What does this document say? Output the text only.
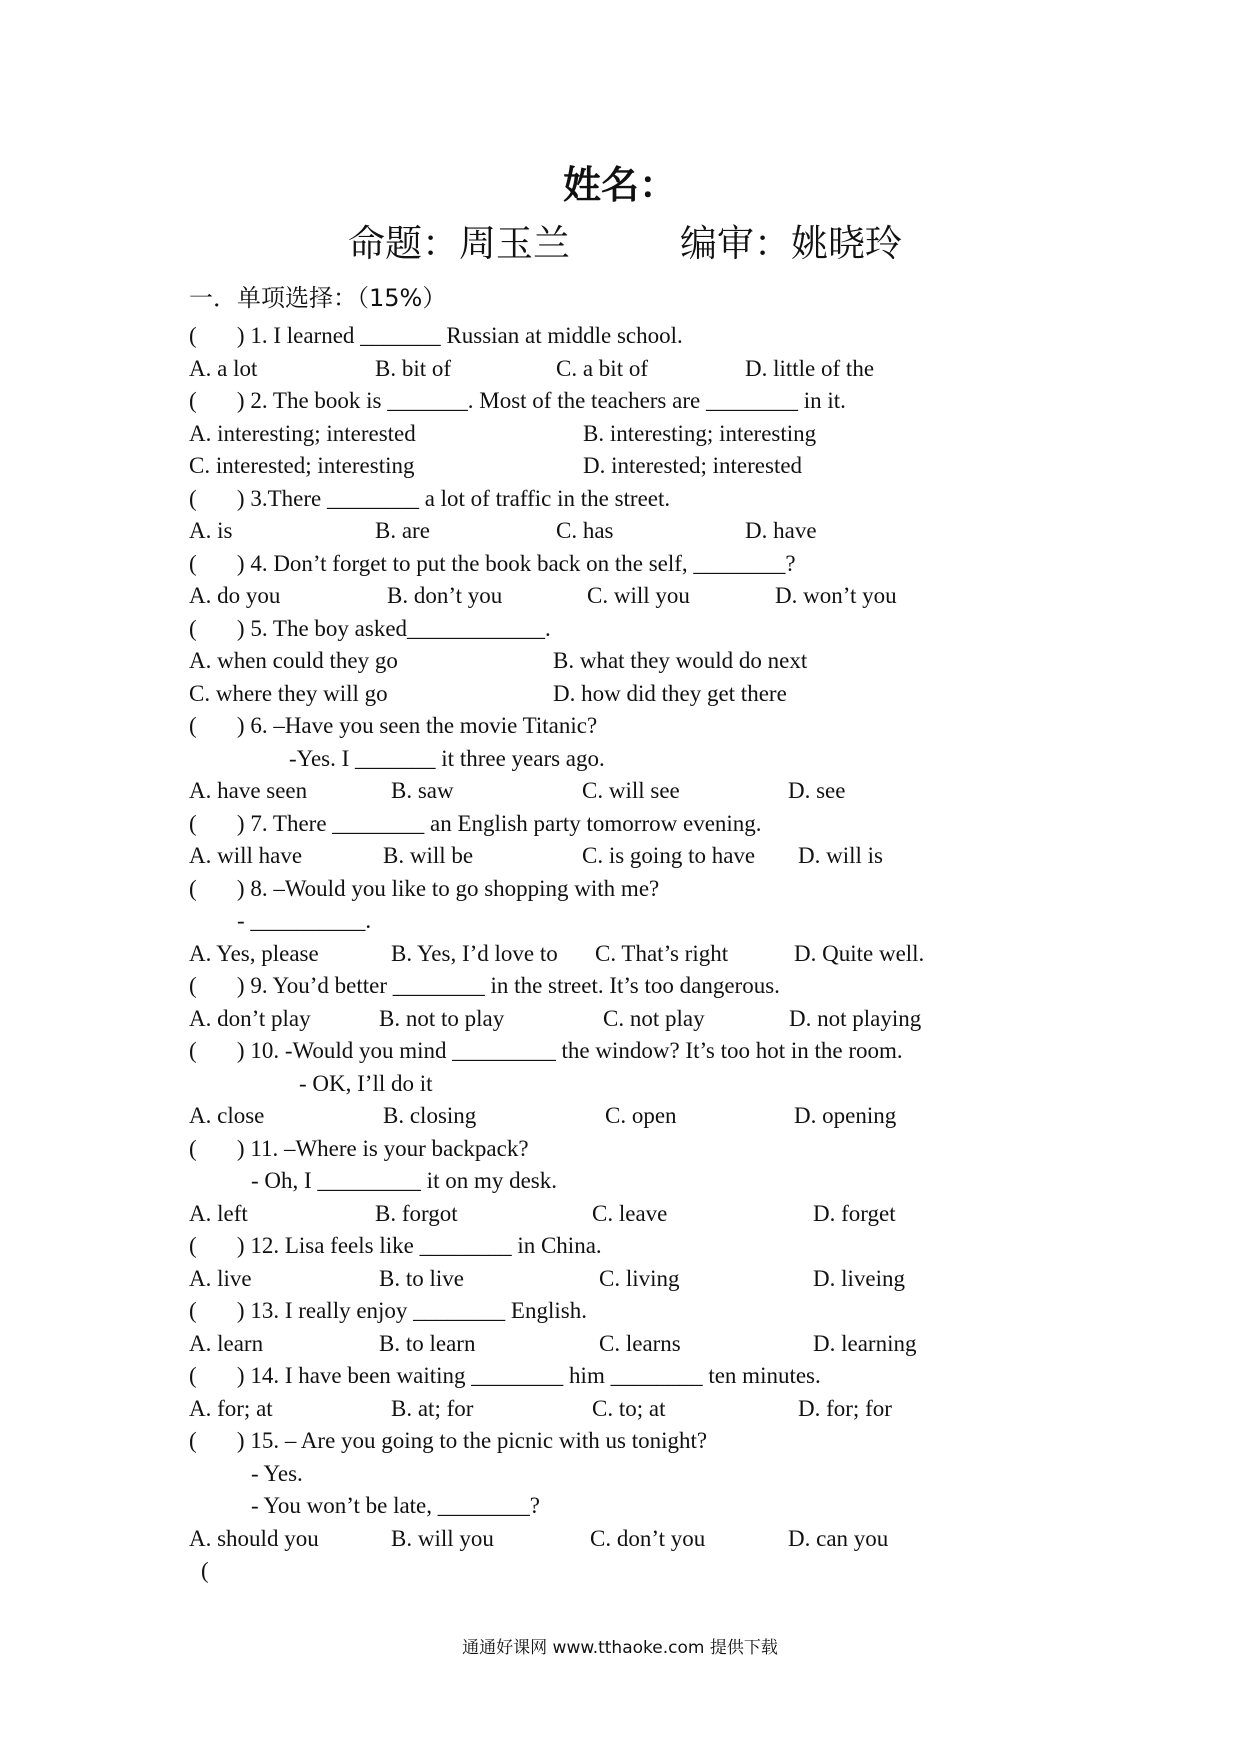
姓名：
命题：周玉兰	编审：姚晓玲
一．单项选择：（15%）
(       ) 1. I learned _______ Russian at middle school.
A. a lot	B. bit of	C. a bit of	D. little of the
(       ) 2. The book is _______. Most of the teachers are ________ in it.
A. interesting; interested	B. interesting; interesting
C. interested; interesting	D. interested; interested
(       ) 3.There ________ a lot of traffic in the street.
A. is	B. are	C. has	D. have
(       ) 4. Don’t forget to put the book back on the self, ________?
A. do you	B. don’t you	C. will you	D. won’t you
(       ) 5. The boy asked____________.
A. when could they go	B. what they would do next
C. where they will go	D. how did they get there
(       ) 6. –Have you seen the movie Titanic?
-Yes. I _______ it three years ago.
A. have seen	B. saw	C. will see	D. see
(       ) 7. There ________ an English party tomorrow evening.
A. will have	B. will be	C. is going to have D. will is
(       ) 8. –Would you like to go shopping with me?
- __________.
A. Yes, please	B. Yes, I’d love to C. That’s right	D. Quite well.
(       ) 9. You’d better ________ in the street. It’s too dangerous.
A. don’t play	B. not to play	C. not play	D. not playing
(       ) 10. -Would you mind _________ the window? It’s too hot in the room.
- OK, I’ll do it
A. close	B. closing	C. open	D. opening
(       ) 11. –Where is your backpack?
- Oh, I _________ it on my desk.
A. left	B. forgot	C. leave	D. forget
(       ) 12. Lisa feels like ________ in China.
A. live	B. to live	C. living	D. liveing
(       ) 13. I really enjoy ________ English.
A. learn	B. to learn	C. learns	D. learning
(       ) 14. I have been waiting ________ him ________ ten minutes.
A. for; at	B. at; for	C. to; at	D. for; for
(       ) 15. – Are you going to the picnic with us tonight?
- Yes.
- You won’t be late, ________?
A. should you	B. will you	C. don’t you	D. can you
(
通通好课网 www.tthaoke.com 提供下载
